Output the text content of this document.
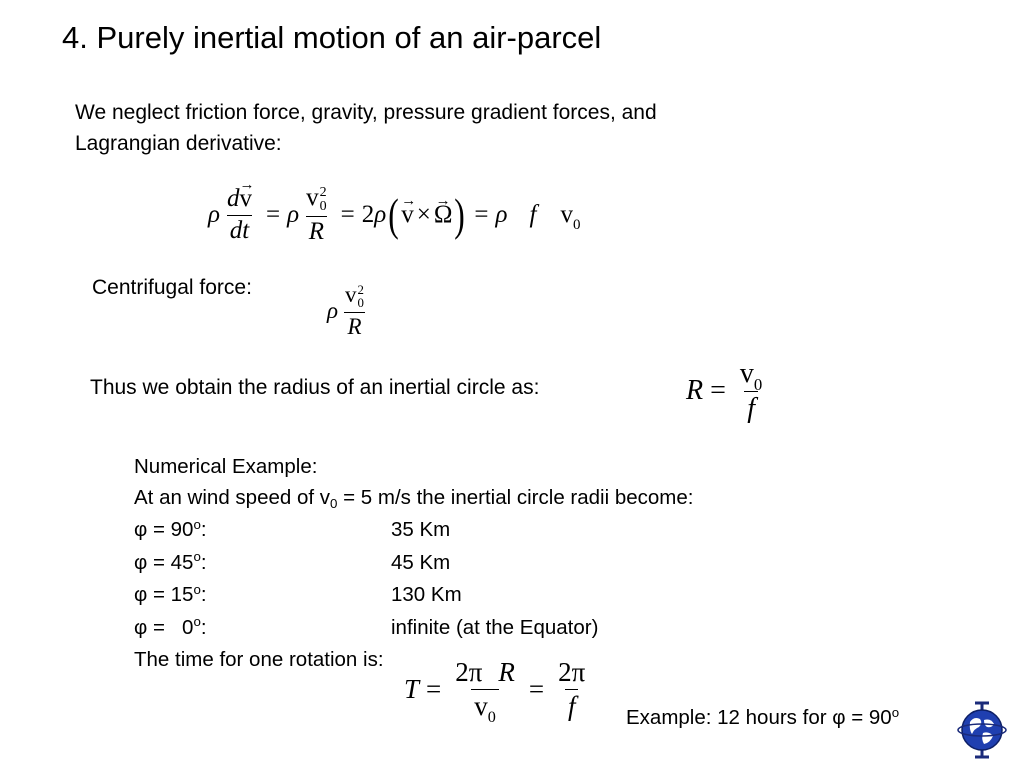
4. Purely inertial motion of an air-parcel
We neglect friction force, gravity, pressure gradient forces, and
Lagrangian derivative:
ρ $\frac{d\to v}{dt} = \rho$ v 2
0
R = 2 ρ ( → v × → Ω ) = ρ f $v_0$
Centrifugal force:
ρ v 2
0
R
Thus we obtain the radius of an inertial circle as:	$R = \frac{v_0}{f}$
Numerical Example:
At an wind speed of $v_0 = 5$ m/s the inertial circle radii become:
$\varphi = 90^o$:	35 Km
$\varphi = 45^o$:	45 Km
$\varphi = 15^o$:	130 Km
φ =   0$^o$:	infinite (at the Equator)
The time for one rotation is:
$T = \frac{\text{2π R}}{v_0} = \frac{2\pi}{f}$ Example: 12 hours for $\varphi = 90^o$
